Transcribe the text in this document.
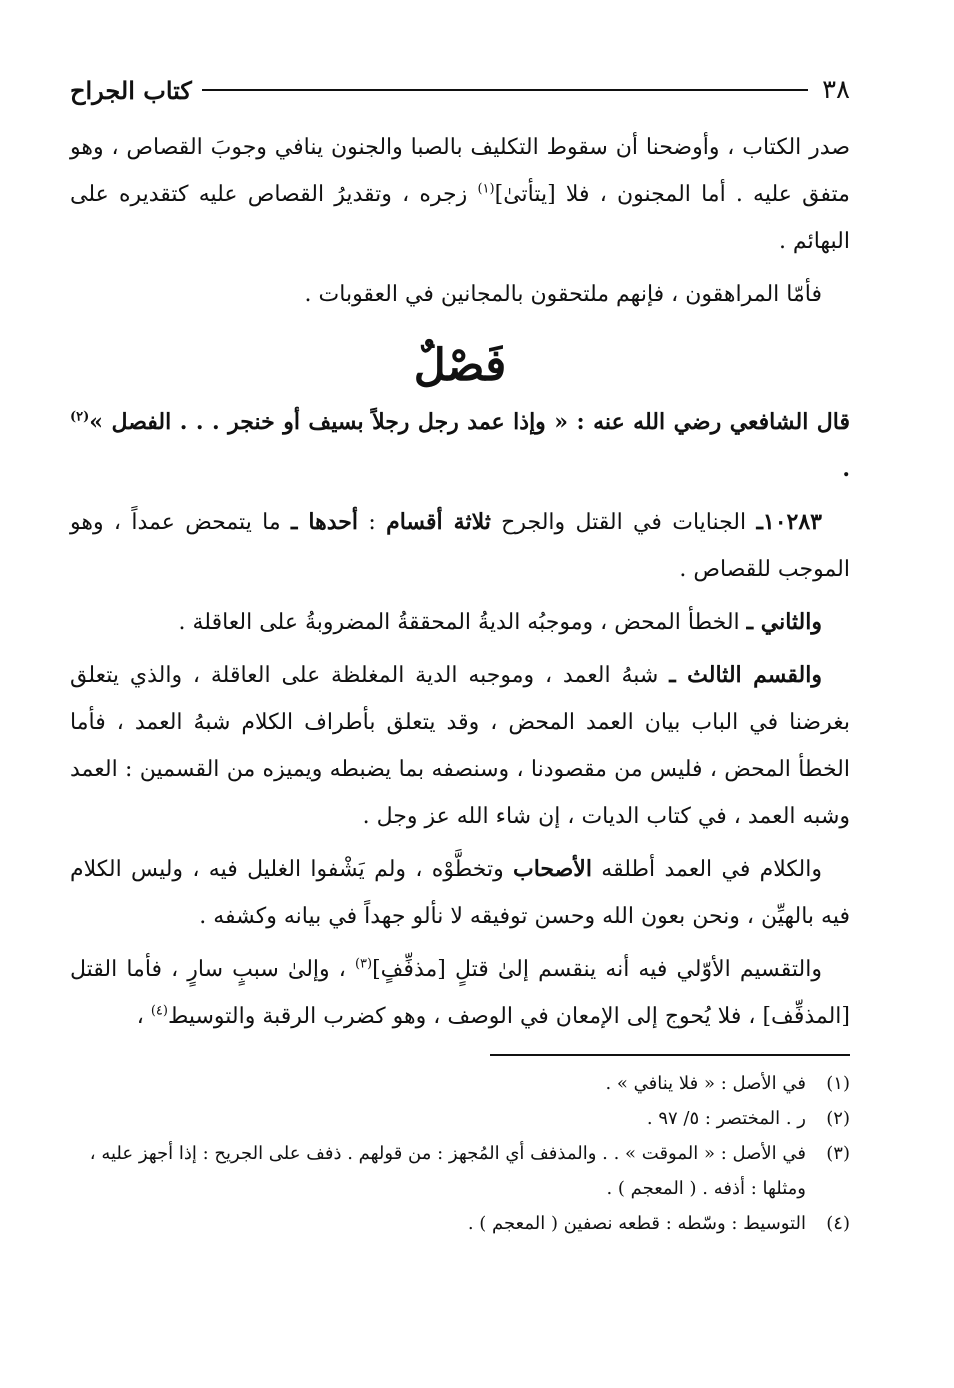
٣٨
كتاب الجراح

صدر الكتاب ، وأوضحنا أن سقوط التكليف بالصبا والجنون ينافي وجوبَ القصاص ، وهو متفق عليه . أما المجنون ، فلا [يتأتىٰ]$^{(١)}$ زجره ، وتقديرُ القصاص عليه كتقديره على البهائم .

فأمّا المراهقون ، فإنهم ملتحقون بالمجانين في العقوبات .

فَصْلٌ

قال الشافعي رضي الله عنه : « وإذا عمد رجل رجلاً بسيف أو خنجر . . . الفصل »$^{(٢)}$ .

١٠٢٨٣ـ الجنايات في القتل والجرح ثلاثة أقسام : أحدها ـ ما يتمحض عمداً ، وهو الموجب للقصاص .

والثاني ـ الخطأ المحض ، وموجبُه الديةُ المحققةُ المضروبةُ على العاقلة .

والقسم الثالث ـ شبهُ العمد ، وموجبه الدية المغلظة على العاقلة ، والذي يتعلق بغرضنا في الباب بيان العمد المحض ، وقد يتعلق بأطراف الكلام شبهُ العمد ، فأما الخطأ المحض ، فليس من مقصودنا ، وسنصفه بما يضبطه ويميزه من القسمين : العمد وشبه العمد ، في كتاب الديات ، إن شاء الله عز وجل .

والكلام في العمد أطلقه الأصحاب وتخطَّوْه ، ولم يَشْفوا الغليل فيه ، وليس الكلام فيه بالهيِّن ، ونحن بعون الله وحسن توفيقه لا نألو جهداً في بيانه وكشفه .

والتقسيم الأوّلي فيه أنه ينقسم إلىٰ قتلٍ [مذفِّفٍ]$^{(٣)}$ ، وإلىٰ سببٍ سارٍ ، فأما القتل [المذفِّف] ، فلا يُحوج إلى الإمعان في الوصف ، وهو كضرب الرقبة والتوسيط$^{(٤)}$ ،

(١)
في الأصل : « فلا ينافي » .
(٢)
ر . المختصر : ٥/ ٩٧ .
(٣)
في الأصل : « الموقت » . . والمذفف أي المُجهز : من قولهم . ذفف على الجريح : إذا أجهز عليه ، ومثلها : أذفه . ( المعجم ) .
(٤)
التوسيط : وسّطه : قطعه نصفين ( المعجم ) .
